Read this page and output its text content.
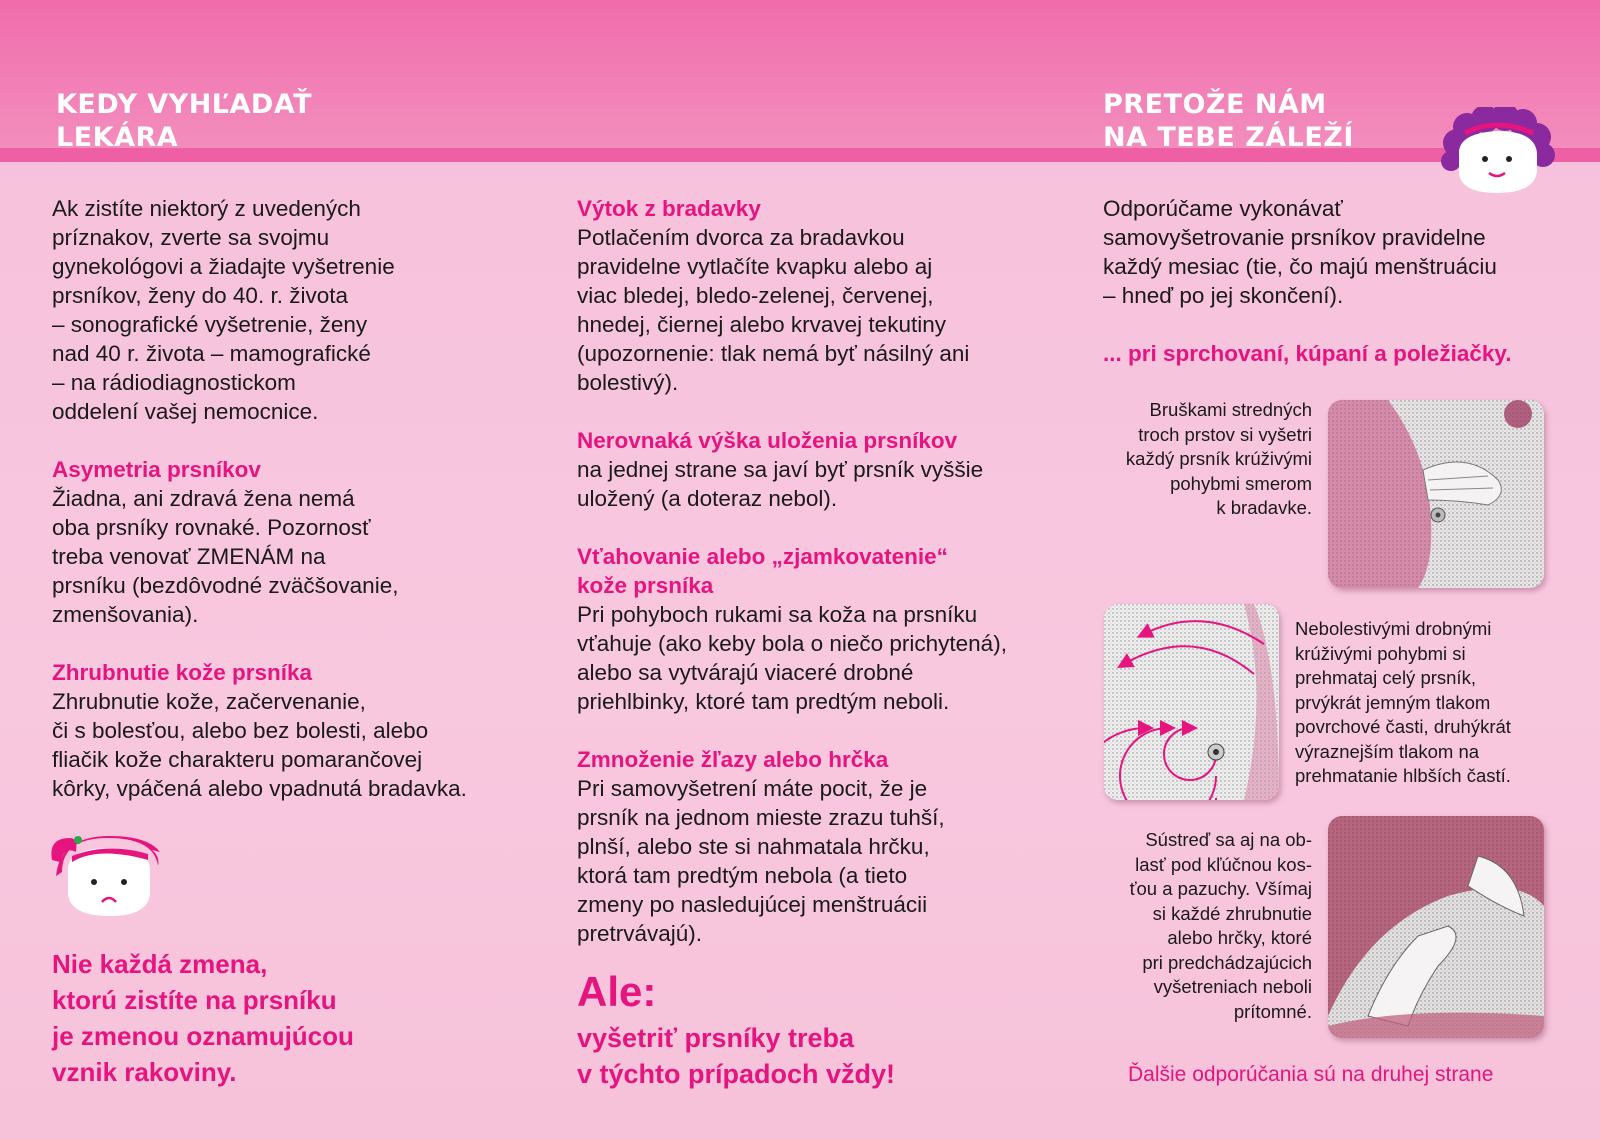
KEDY VYHĽADAŤ
LEKÁRA
PRETOŽE NÁM
NA TEBE ZÁLEŽÍ

Ak zistíte niektorý z uvedených

príznakov, zverte sa svojmu

gynekológovi a žiadajte vyšetrenie

prsníkov, ženy do 40. r. života

– sonografické vyšetrenie, ženy

nad 40 r. života – mamografické

– na rádiodiagnostickom

oddelení vašej nemocnice.

Asymetria prsníkov

Žiadna, ani zdravá žena nemá

oba prsníky rovnaké. Pozornosť

treba venovať ZMENÁM na

prsníku (bezdôvodné zväčšovanie,

zmenšovania).

Zhrubnutie kože prsníka

Zhrubnutie kože, začervenanie,

či s bolesťou, alebo bez bolesti, alebo

fliačik kože charakteru pomarančovej

kôrky, vpáčená alebo vpadnutá bradavka.

Nie každá zmena,
ktorú zistíte na prsníku
je zmenou oznamujúcou
vznik rakoviny.

Výtok z bradavky

Potlačením dvorca za bradavkou

pravidelne vytlačíte kvapku alebo aj

viac bledej, bledo-zelenej, červenej,

hnedej, čiernej alebo krvavej tekutiny

(upozornenie: tlak nemá byť násilný ani

bolestivý).

Nerovnaká výška uloženia prsníkov

na jednej strane sa javí byť prsník vyššie

uložený (a doteraz nebol).

Vťahovanie alebo „zjamkovatenie“

kože prsníka

Pri pohyboch rukami sa koža na prsníku

vťahuje (ako keby bola o niečo prichytená),

alebo sa vytvárajú viaceré drobné

priehlbinky, ktoré tam predtým neboli.

Zmnoženie žľazy alebo hrčka

Pri samovyšetrení máte pocit, že je

prsník na jednom mieste zrazu tuhší,

plnší, alebo ste si nahmatala hrčku,

ktorá tam predtým nebola (a tieto

zmeny po nasledujúcej menštruácii

pretrvávajú).

Ale:
vyšetriť prsníky treba
v týchto prípadoch vždy!

Odporúčame vykonávať

samovyšetrovanie prsníkov pravidelne

každý mesiac (tie, čo majú menštruáciu

– hneď po jej skončení).

... pri sprchovaní, kúpaní a poležiačky.

Bruškami stredných
troch prstov si vyšetri
každý prsník krúživými
pohybmi smerom
k bradavke.
Nebolestivými drobnými
krúživými pohybmi si
prehmataj celý prsník,
prvýkrát jemným tlakom
povrchové časti, druhýkrát
výraznejším tlakom na
prehmatanie hlbších častí.
Sústreď sa aj na ob-
lasť pod kľúčnou kos-
ťou a pazuchy. Všímaj
si každé zhrubnutie
alebo hrčky, ktoré
pri predchádzajúcich
vyšetreniach neboli
prítomné.
Ďalšie odporúčania sú na druhej strane
